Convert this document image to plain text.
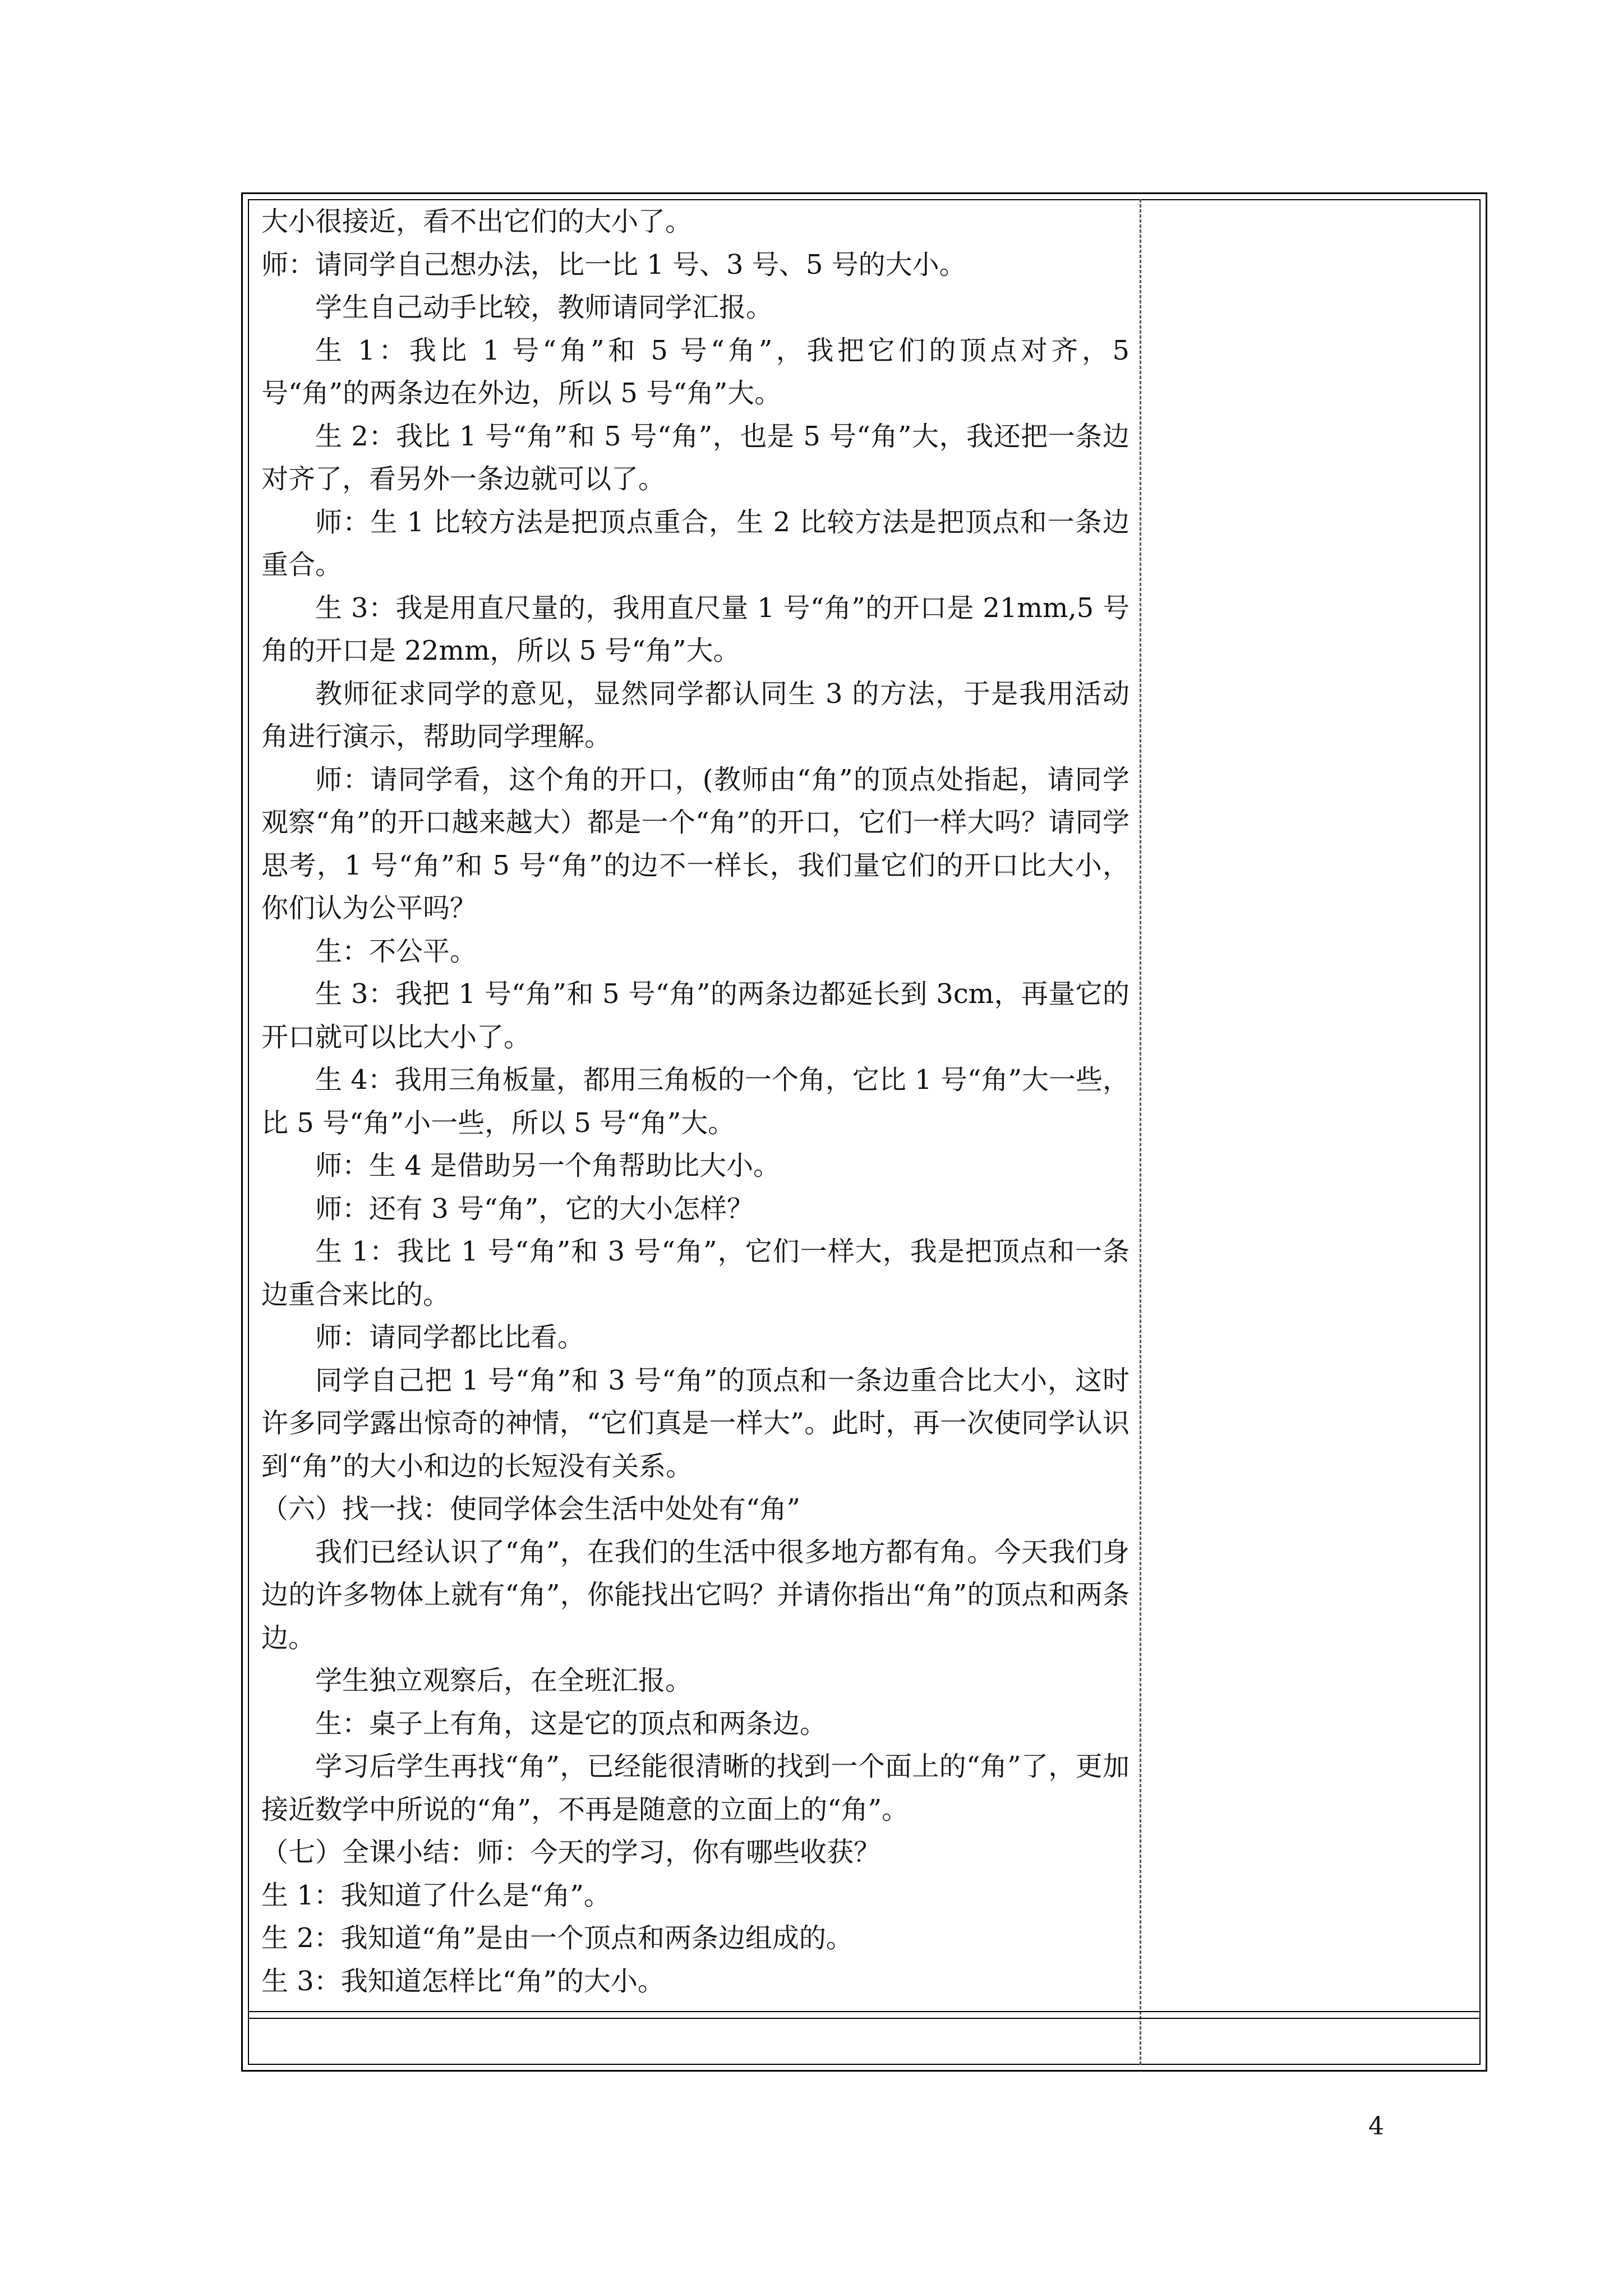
大小很接近，看不出它们的大小了。

师：请同学自己想办法，比一比 1 号、3 号、5 号的大小。

学生自己动手比较，教师请同学汇报。

生 1：我比 1 号“角”和 5 号“角”，我把它们的顶点对齐，5 号“角”的两条边在外边，所以 5 号“角”大。

生 2：我比 1 号“角”和 5 号“角”，也是 5 号“角”大，我还把一条边对齐了，看另外一条边就可以了。

师：生 1 比较方法是把顶点重合，生 2 比较方法是把顶点和一条边重合。

生 3：我是用直尺量的，我用直尺量 1 号“角”的开口是 21mm,5 号角的开口是 22mm，所以 5 号“角”大。

教师征求同学的意见，显然同学都认同生 3 的方法，于是我用活动角进行演示，帮助同学理解。

师：请同学看，这个角的开口，(教师由“角”的顶点处指起，请同学观察“角”的开口越来越大）都是一个“角”的开口，它们一样大吗？请同学思考，1 号“角”和 5 号“角”的边不一样长，我们量它们的开口比大小，你们认为公平吗？

生：不公平。

生 3：我把 1 号“角”和 5 号“角”的两条边都延长到 3cm，再量它的开口就可以比大小了。

生 4：我用三角板量，都用三角板的一个角，它比 1 号“角”大一些，比 5 号“角”小一些，所以 5 号“角”大。

师：生 4 是借助另一个角帮助比大小。

师：还有 3 号“角”，它的大小怎样？

生 1：我比 1 号“角”和 3 号“角”，它们一样大，我是把顶点和一条边重合来比的。

师：请同学都比比看。

同学自己把 1 号“角”和 3 号“角”的顶点和一条边重合比大小，这时许多同学露出惊奇的神情，“它们真是一样大”。此时，再一次使同学认识到“角”的大小和边的长短没有关系。

（六）找一找：使同学体会生活中处处有“角”

我们已经认识了“角”，在我们的生活中很多地方都有角。今天我们身边的许多物体上就有“角”，你能找出它吗？并请你指出“角”的顶点和两条边。

学生独立观察后，在全班汇报。

生：桌子上有角，这是它的顶点和两条边。

学习后学生再找“角”，已经能很清晰的找到一个面上的“角”了，更加接近数学中所说的“角”，不再是随意的立面上的“角”。

（七）全课小结：师：今天的学习，你有哪些收获？

生 1：我知道了什么是“角”。

生 2：我知道“角”是由一个顶点和两条边组成的。

生 3：我知道怎样比“角”的大小。

4
